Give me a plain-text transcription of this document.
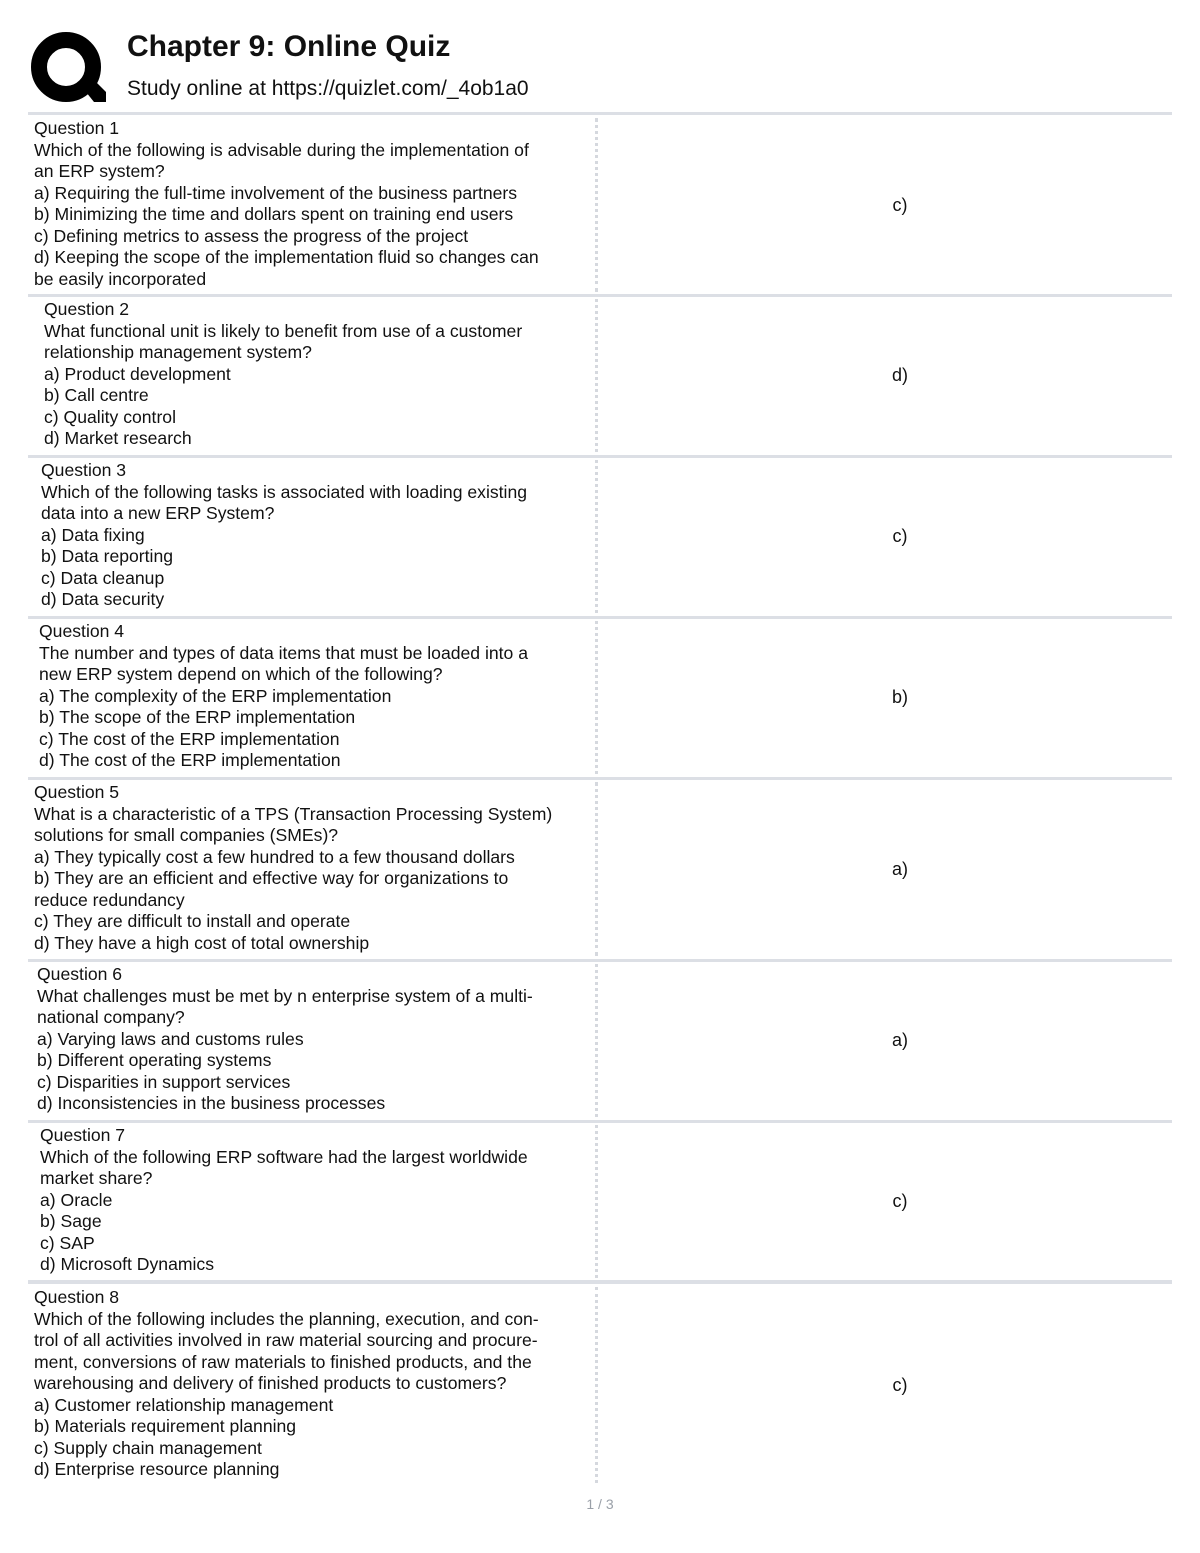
Chapter 9: Online Quiz
Study online at https://quizlet.com/_4ob1a0
Question 1
Which of the following is advisable during the implementation of
an ERP system?
a) Requiring the full-time involvement of the business partners
b) Minimizing the time and dollars spent on training end users
c) Defining metrics to assess the progress of the project
d) Keeping the scope of the implementation fluid so changes can
be easily incorporated
c)
Question 2
What functional unit is likely to benefit from use of a customer
relationship management system?
a) Product development
b) Call centre
c) Quality control
d) Market research
d)
Question 3
Which of the following tasks is associated with loading existing
data into a new ERP System?
a) Data fixing
b) Data reporting
c) Data cleanup
d) Data security
c)
Question 4
The number and types of data items that must be loaded into a
new ERP system depend on which of the following?
a) The complexity of the ERP implementation
b) The scope of the ERP implementation
c) The cost of the ERP implementation
d) The cost of the ERP implementation
b)
Question 5
What is a characteristic of a TPS (Transaction Processing System)
solutions for small companies (SMEs)?
a) They typically cost a few hundred to a few thousand dollars
b) They are an efficient and effective way for organizations to
reduce redundancy
c) They are difficult to install and operate
d) They have a high cost of total ownership
a)
Question 6
What challenges must be met by n enterprise system of a multi-
national company?
a) Varying laws and customs rules
b) Different operating systems
c) Disparities in support services
d) Inconsistencies in the business processes
a)
Question 7
Which of the following ERP software had the largest worldwide
market share?
a) Oracle
b) Sage
c) SAP
d) Microsoft Dynamics
c)
Question 8
Which of the following includes the planning, execution, and con-
trol of all activities involved in raw material sourcing and procure-
ment, conversions of raw materials to finished products, and the
warehousing and delivery of finished products to customers?
a) Customer relationship management
b) Materials requirement planning
c) Supply chain management
d) Enterprise resource planning
c)
1 / 3
